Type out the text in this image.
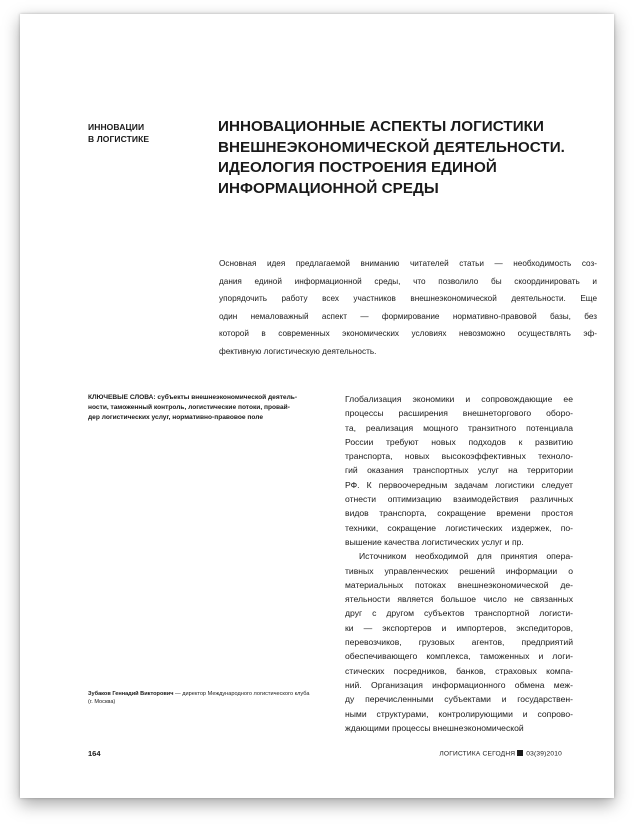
ИННОВАЦИИ
В ЛОГИСТИКЕ
ИННОВАЦИОННЫЕ АСПЕКТЫ ЛОГИСТИКИ
ВНЕШНЕЭКОНОМИЧЕСКОЙ ДЕЯТЕЛЬНОСТИ.
ИДЕОЛОГИЯ ПОСТРОЕНИЯ ЕДИНОЙ
ИНФОРМАЦИОННОЙ СРЕДЫ
Основная идея предлагаемой вниманию читателей статьи — необходимость соз-
дания единой информационной среды, что позволило бы скоординировать и
упорядочить работу всех участников внешнеэкономической деятельности. Еще
один немаловажный аспект — формирование нормативно-правовой базы, без
которой в современных экономических условиях невозможно осуществлять эф-
фективную логистическую деятельность.
КЛЮЧЕВЫЕ СЛОВА: субъекты внешнеэкономической деятель-
ности, таможенный контроль, логистические потоки, провай-
дер логистических услуг, нормативно-правовое поле
Глобализация экономики и сопровождающие ее
процессы расширения внешнеторгового оборо-
та, реализация мощного транзитного потенциала
России требуют новых подходов к развитию
транспорта, новых высокоэффективных техноло-
гий оказания транспортных услуг на территории
РФ. К первоочередным задачам логистики следует
отнести оптимизацию взаимодействия различных
видов транспорта, сокращение времени простоя
техники, сокращение логистических издержек, по-
вышение качества логистических услуг и пр.
Источником необходимой для принятия опера-
тивных управленческих решений информации о
материальных потоках внешнеэкономической де-
ятельности является большое число не связанных
друг с другом субъектов транспортной логисти-
ки — экспортеров и импортеров, экспедиторов,
перевозчиков, грузовых агентов, предприятий
обеспечивающего комплекса, таможенных и логи-
стических посредников, банков, страховых компа-
ний. Организация информационного обмена меж-
ду перечисленными субъектами и государствен-
ными структурами, контролирующими и сопрово-
ждающими процессы внешнеэкономической
Зубаков Геннадий Викторович — директор Международного логистического клуба
(г. Москва)
164	ЛОГИСТИКА СЕГОДНЯ 03(39)2010
